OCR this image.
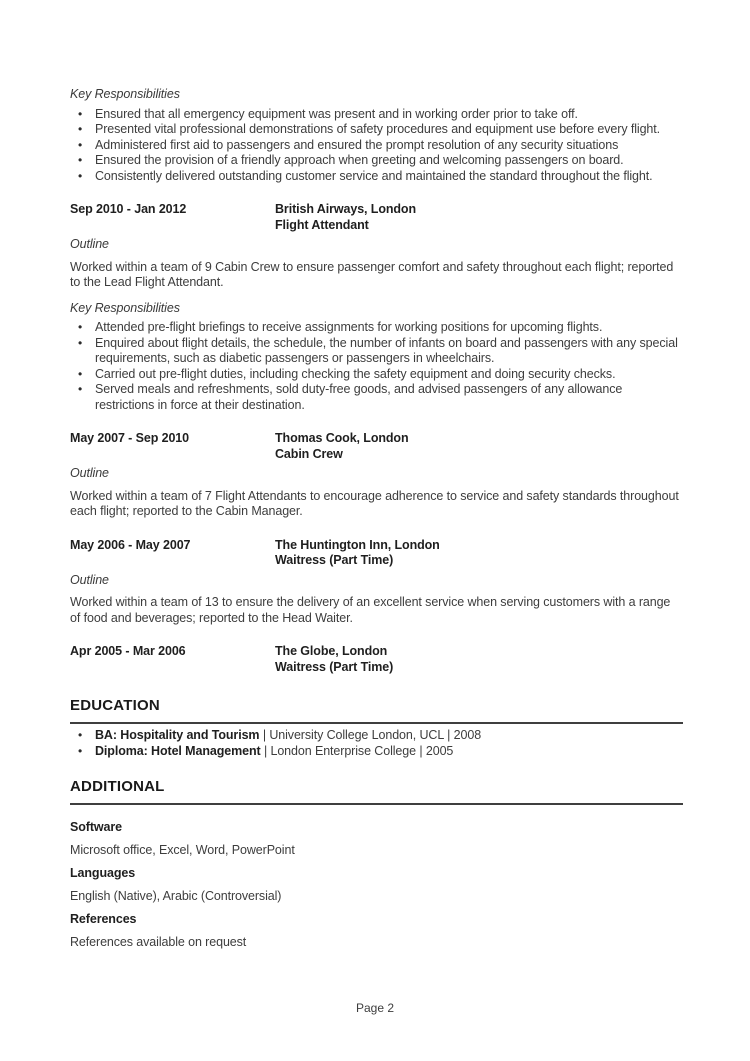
Key Responsibilities
• Ensured that all emergency equipment was present and in working order prior to take off.
• Presented vital professional demonstrations of safety procedures and equipment use before every flight.
• Administered first aid to passengers and ensured the prompt resolution of any security situations
• Ensured the provision of a friendly approach when greeting and welcoming passengers on board.
• Consistently delivered outstanding customer service and maintained the standard throughout the flight.
Sep 2010 - Jan 2012	British Airways, London
Flight Attendant
Outline

Worked within a team of 9 Cabin Crew to ensure passenger comfort and safety throughout each flight; reported to the Lead Flight Attendant.

Key Responsibilities
• Attended pre-flight briefings to receive assignments for working positions for upcoming flights.
• Enquired about flight details, the schedule, the number of infants on board and passengers with any special requirements, such as diabetic passengers or passengers in wheelchairs.
• Carried out pre-flight duties, including checking the safety equipment and doing security checks.
• Served meals and refreshments, sold duty-free goods, and advised passengers of any allowance restrictions in force at their destination.
May 2007 - Sep 2010	Thomas Cook, London
Cabin Crew
Outline

Worked within a team of 7 Flight Attendants to encourage adherence to service and safety standards throughout each flight; reported to the Cabin Manager.

May 2006 - May 2007	The Huntington Inn, London
Waitress (Part Time)
Outline

Worked within a team of 13 to ensure the delivery of an excellent service when serving customers with a range of food and beverages; reported to the Head Waiter.

Apr 2005 - Mar 2006	The Globe, London
Waitress (Part Time)
EDUCATION
• BA: Hospitality and Tourism | University College London, UCL | 2008
• Diploma: Hotel Management | London Enterprise College | 2005
ADDITIONAL
Software

Microsoft office, Excel, Word, PowerPoint

Languages

English (Native), Arabic (Controversial)

References

References available on request

Page 2
